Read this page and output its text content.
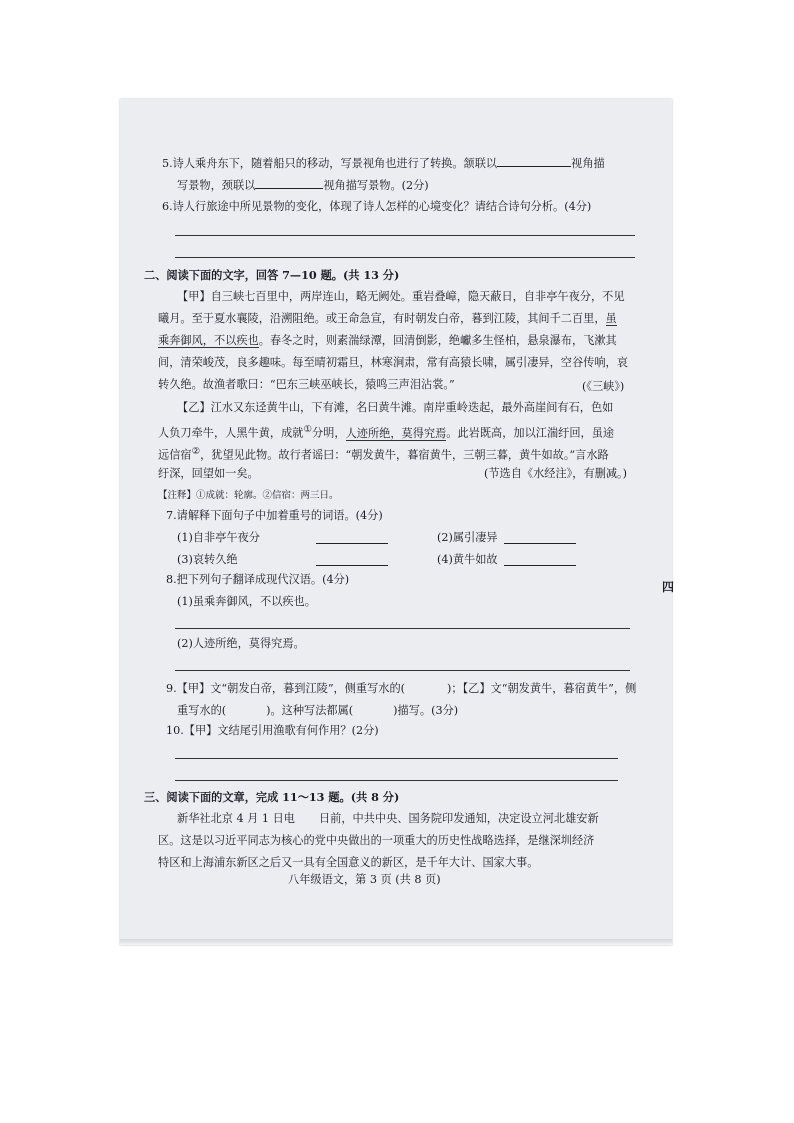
5.诗人乘舟东下，随着船只的移动，写景视角也进行了转换。颔联以	视角描
写景物，颈联以	视角描写景物。(2分)
6.诗人行旅途中所见景物的变化，体现了诗人怎样的心境变化？请结合诗句分析。(4分)
二、阅读下面的文字，回答 7—10 题。(共 13 分)
【甲】自三峡七百里中，两岸连山，略无阙处。重岩叠嶂，隐天蔽日，自非亭午夜分，不见
曦月。至于夏水襄陵，沿溯阻绝。或王命急宣，有时朝发白帝，暮到江陵，其间千二百里，虽
乘奔御风，不以疾也。春冬之时，则素湍绿潭，回清倒影，绝巘多生怪柏，悬泉瀑布，飞漱其
间，清荣峻茂，良多趣味。每至晴初霜旦，林寒涧肃，常有高猿长啸，属引凄异，空谷传响，哀
转久绝。故渔者歌曰：“巴东三峡巫峡长，猿鸣三声泪沾裳。”	(《三峡》)
【乙】江水又东迳黄牛山，下有滩，名曰黄牛滩。南岸重岭迭起，最外高崖间有石，色如
人负刀牵牛，人黑牛黄，成就①分明，人迹所绝，莫得究焉。此岩既高，加以江湍纡回，虽途
远信宿②，犹望见此物。故行者谣曰：“朝发黄牛，暮宿黄牛，三朝三暮，黄牛如故。”言水路
纡深，回望如一矣。	(节选自《水经注》，有删减。)
【注释】①成就：轮廓。②信宿：两三日。
7.请解释下面句子中加着重号的词语。(4分)
(1)自非亭午夜分	(2)属引凄异
(3)哀转久绝	(4)黄牛如故
8.把下列句子翻译成现代汉语。(4分)
(1)虽乘奔御风，不以疾也。
(2)人迹所绝，莫得究焉。
9.【甲】文“朝发白帝，暮到江陵”，侧重写水的(	)；【乙】文“朝发黄牛，暮宿黄牛”，侧
重写水的(	)。这种写法都属(	)描写。(3分)
10.【甲】文结尾引用渔歌有何作用？(2分)
三、阅读下面的文章，完成 11～13 题。(共 8 分)
新华社北京 4 月 1 日电 日前，中共中央、国务院印发通知，决定设立河北雄安新
区。这是以习近平同志为核心的党中央做出的一项重大的历史性战略选择，是继深圳经济
特区和上海浦东新区之后又一具有全国意义的新区，是千年大计、国家大事。
八年级语文，第 3 页 (共 8 页)
四
